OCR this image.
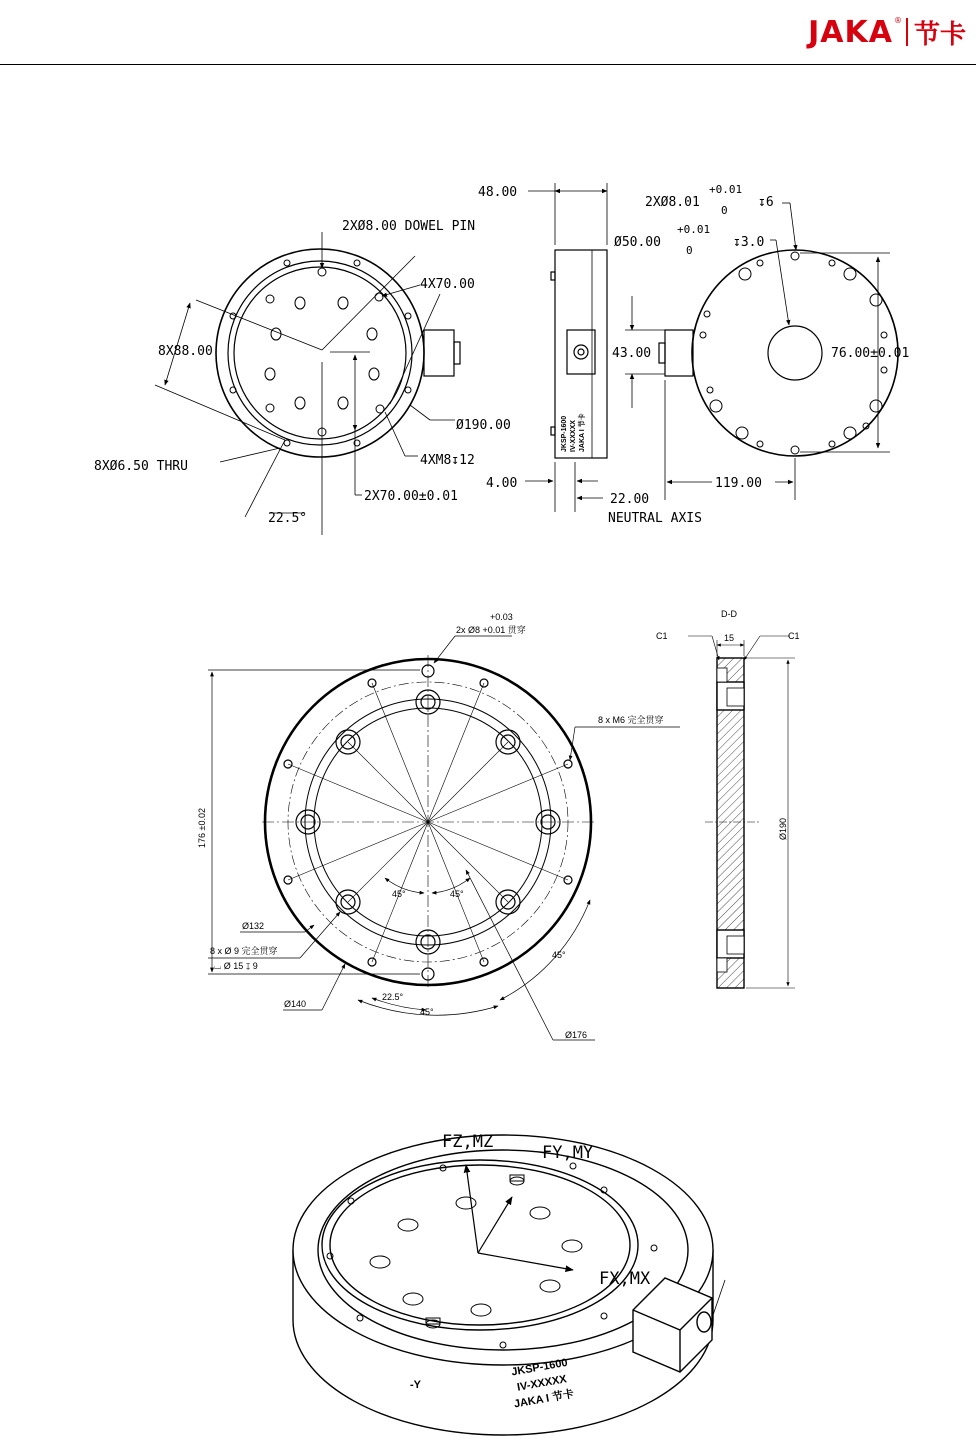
JAKA ® 节卡
2XØ8.00 DOWEL PIN
4X70.00
8X88.00
Ø190.00
8XØ6.50 THRU	4XM8↧12
2X70.00±0.01
22.5°
JKSP-1600 IV-XXXXX JAKA I 节卡
48.00
43.00
4.00
22.00
NEUTRAL AXIS
2XØ8.01
+0.01
0
↧6
Ø50.00
+0.01
0
↧3.0
76.00±0.01
119.00
+0.03
2x Ø8 +0.01 贯穿
8 x M6 完全贯穿
176 ±0.02
Ø132
8 x Ø 9 完全贯穿
⌴ Ø 15 ↧ 9
Ø140
Ø176
45°	45°
45°
22.5°
45°
D-D
C1	C1
15
Ø190
FZ,MZ
FY,MY
FX,MX
-Y
JKSP-1600
IV-XXXXX
JAKA I 节卡
